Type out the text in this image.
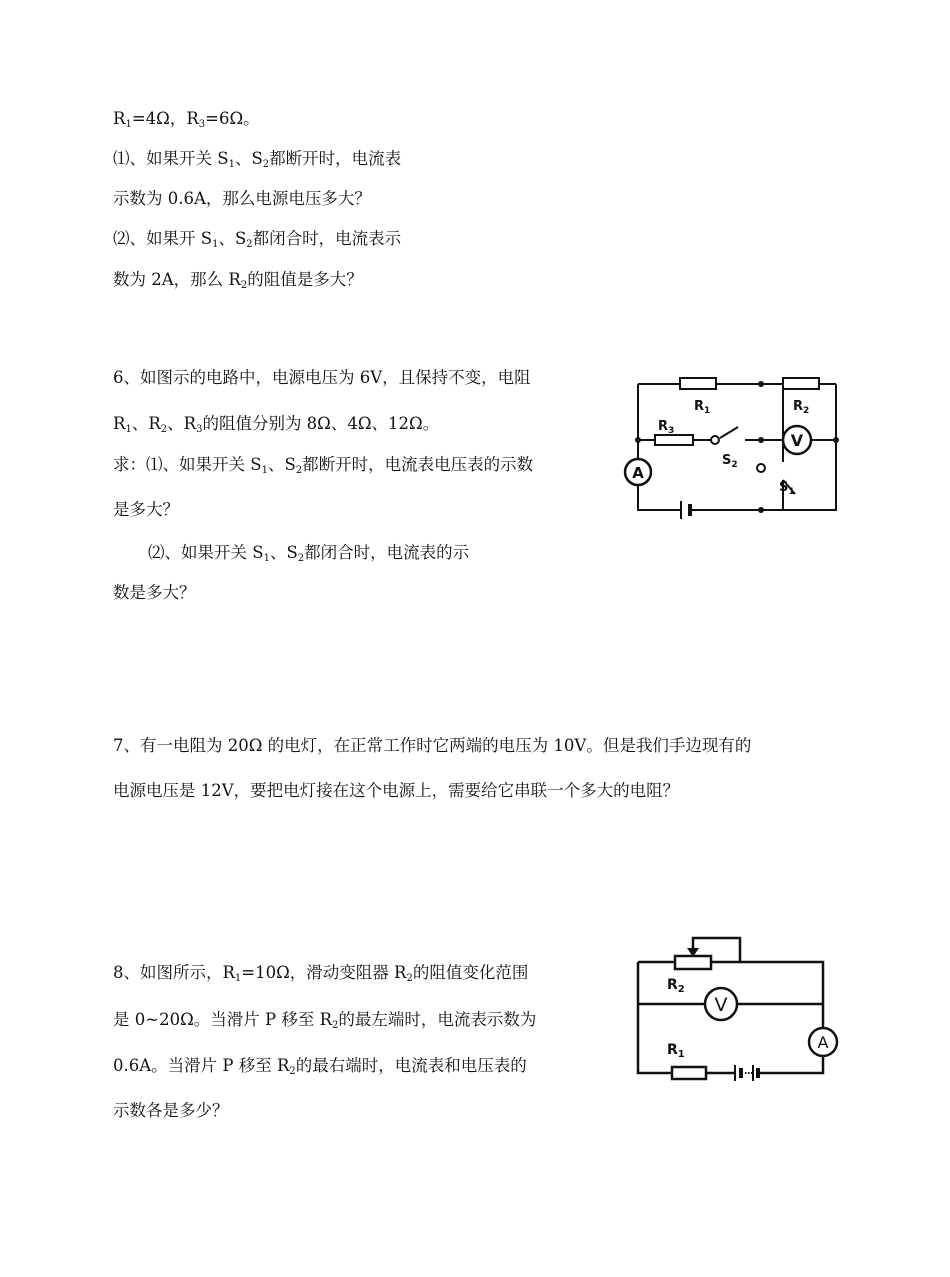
$R_1=4\Omega$，$R_3=6\Omega$。
⑴、如果开关 $S_1$、$S_2$都断开时，电流表
示数为 0.6A，那么电源电压多大？
⑵、如果开 $S_1$、$S_2$都闭合时，电流表示
数为 2A，那么 $R_2$的阻值是多大？
6、如图示的电路中，电源电压为 6V，且保持不变，电阻
$R_1$、$R_2$、$R_3$的阻值分别为 8Ω、4Ω、12Ω。
求：⑴、如果开关 $S_1$、$S_2$都断开时，电流表电压表的示数
是多大？
⑵、如果开关 $S_1$、$S_2$都闭合时，电流表的示
数是多大？
7、有一电阻为 20Ω 的电灯，在正常工作时它两端的电压为 10V。但是我们手边现有的
电源电压是 12V，要把电灯接在这个电源上，需要给它串联一个多大的电阻？
8、如图所示，$R_1=10\Omega$，滑动变阻器 $R_2$的阻值变化范围
是 0~20Ω。当滑片 P 移至 $R_2$的最左端时，电流表示数为
0.6A。当滑片 P 移至 $R_2$的最右端时，电流表和电压表的
示数各是多少？
V
A
$R_1$	$R_2$
$R_3$
$S_2$
$S_1$
V
A
$R_2$
$R_1$
